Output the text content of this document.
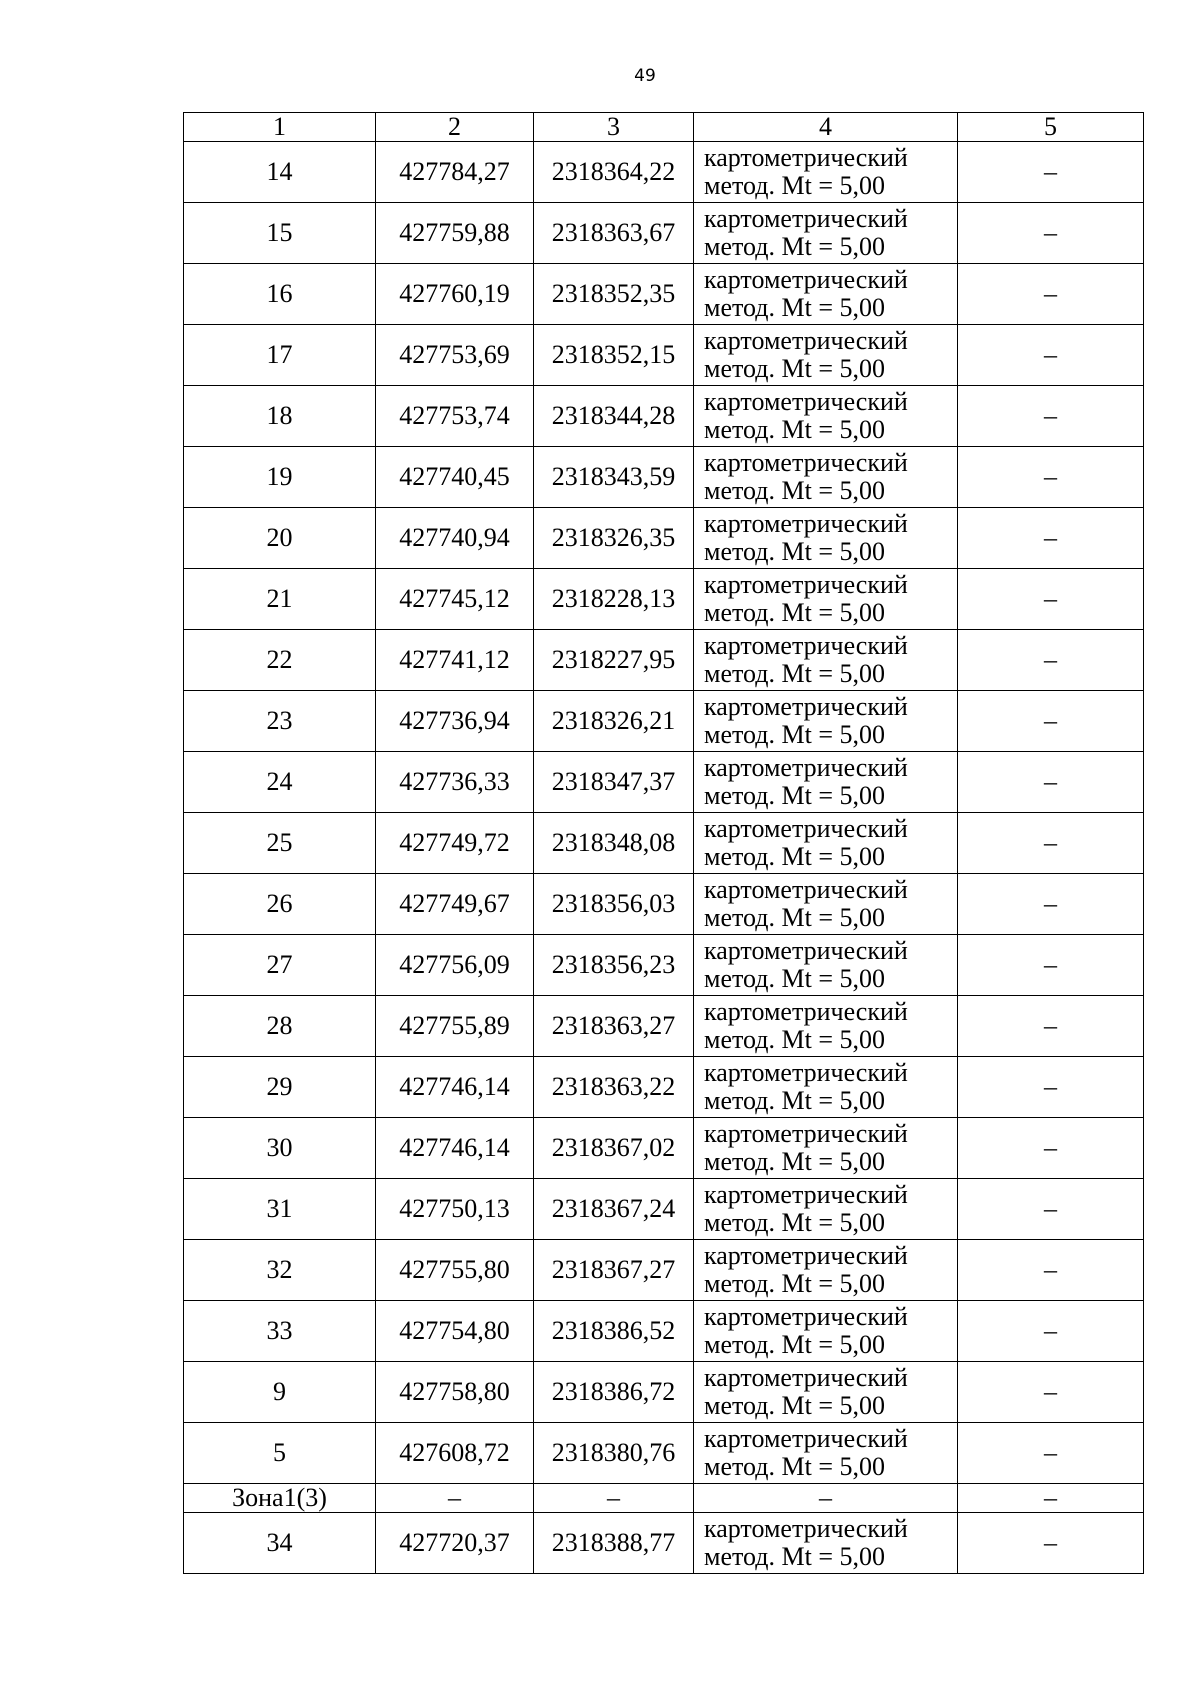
49
1	2	3	4	5
14	427784,27	2318364,22	картометрический
метод. Mt = 5,00	–
15	427759,88	2318363,67	картометрический
метод. Mt = 5,00	–
16	427760,19	2318352,35	картометрический
метод. Mt = 5,00	–
17	427753,69	2318352,15	картометрический
метод. Mt = 5,00	–
18	427753,74	2318344,28	картометрический
метод. Mt = 5,00	–
19	427740,45	2318343,59	картометрический
метод. Mt = 5,00	–
20	427740,94	2318326,35	картометрический
метод. Mt = 5,00	–
21	427745,12	2318228,13	картометрический
метод. Mt = 5,00	–
22	427741,12	2318227,95	картометрический
метод. Mt = 5,00	–
23	427736,94	2318326,21	картометрический
метод. Mt = 5,00	–
24	427736,33	2318347,37	картометрический
метод. Mt = 5,00	–
25	427749,72	2318348,08	картометрический
метод. Mt = 5,00	–
26	427749,67	2318356,03	картометрический
метод. Mt = 5,00	–
27	427756,09	2318356,23	картометрический
метод. Mt = 5,00	–
28	427755,89	2318363,27	картометрический
метод. Mt = 5,00	–
29	427746,14	2318363,22	картометрический
метод. Mt = 5,00	–
30	427746,14	2318367,02	картометрический
метод. Mt = 5,00	–
31	427750,13	2318367,24	картометрический
метод. Mt = 5,00	–
32	427755,80	2318367,27	картометрический
метод. Mt = 5,00	–
33	427754,80	2318386,52	картометрический
метод. Mt = 5,00	–
9	427758,80	2318386,72	картометрический
метод. Mt = 5,00	–
5	427608,72	2318380,76	картометрический
метод. Mt = 5,00	–
Зона1(3)	–	–	–	–
34	427720,37	2318388,77	картометрический
метод. Mt = 5,00	–
